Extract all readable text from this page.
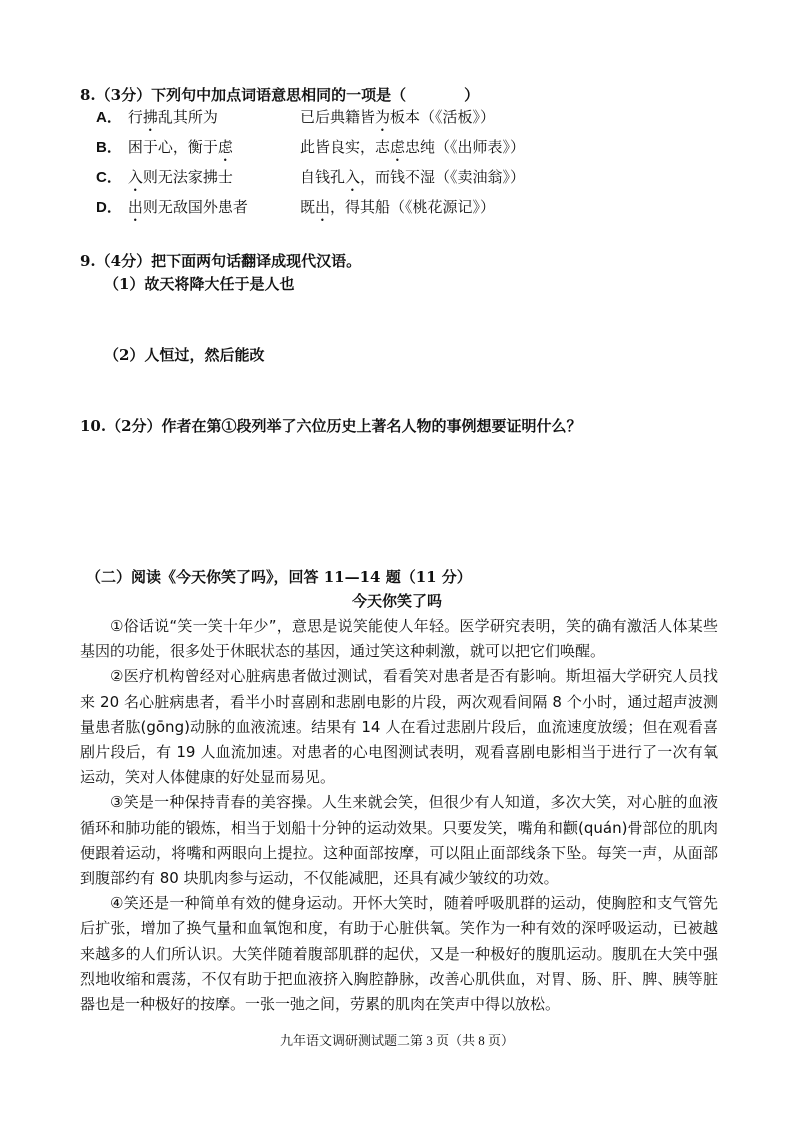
8.（3分）下列句中加点词语意思相同的一项是（	）
A． 行拂乱其所为	已后典籍皆为板本（《活板》）
B． 困于心，衡于虑	此皆良实，志虑忠纯（《出师表》）
C． 入则无法家拂士	自钱孔入，而钱不湿（《卖油翁》）
D． 出则无敌国外患者	既出，得其船（《桃花源记》）
9.（4分）把下面两句话翻译成现代汉语。
（1）故天将降大任于是人也
（2）人恒过，然后能改
10.（2分）作者在第①段列举了六位历史上著名人物的事例想要证明什么？
（二）阅读《今天你笑了吗》，回答 11—14 题（11 分）
今天你笑了吗

①俗话说“笑一笑十年少”，意思是说笑能使人年轻。医学研究表明，笑的确有激活人体某些基因的功能，很多处于休眠状态的基因，通过笑这种刺激，就可以把它们唤醒。

②医疗机构曾经对心脏病患者做过测试，看看笑对患者是否有影响。斯坦福大学研究人员找来 20 名心脏病患者，看半小时喜剧和悲剧电影的片段，两次观看间隔 8 个小时，通过超声波测量患者肱(gōng)动脉的血液流速。结果有 14 人在看过悲剧片段后，血流速度放缓；但在观看喜剧片段后，有 19 人血流加速。对患者的心电图测试表明，观看喜剧电影相当于进行了一次有氧运动，笑对人体健康的好处显而易见。

③笑是一种保持青春的美容操。人生来就会笑，但很少有人知道，多次大笑，对心脏的血液循环和肺功能的锻炼，相当于划船十分钟的运动效果。只要发笑，嘴角和颧(quán)骨部位的肌肉便跟着运动，将嘴和两眼向上提拉。这种面部按摩，可以阻止面部线条下坠。每笑一声，从面部到腹部约有 80 块肌肉参与运动，不仅能减肥，还具有减少皱纹的功效。

④笑还是一种简单有效的健身运动。开怀大笑时，随着呼吸肌群的运动，使胸腔和支气管先后扩张，增加了换气量和血氧饱和度，有助于心脏供氧。笑作为一种有效的深呼吸运动，已被越来越多的人们所认识。大笑伴随着腹部肌群的起伏，又是一种极好的腹肌运动。腹肌在大笑中强烈地收缩和震荡，不仅有助于把血液挤入胸腔静脉，改善心肌供血，对胃、肠、肝、脾、胰等脏器也是一种极好的按摩。一张一弛之间，劳累的肌肉在笑声中得以放松。

九年语文调研测试题二第 3 页（共 8 页）
